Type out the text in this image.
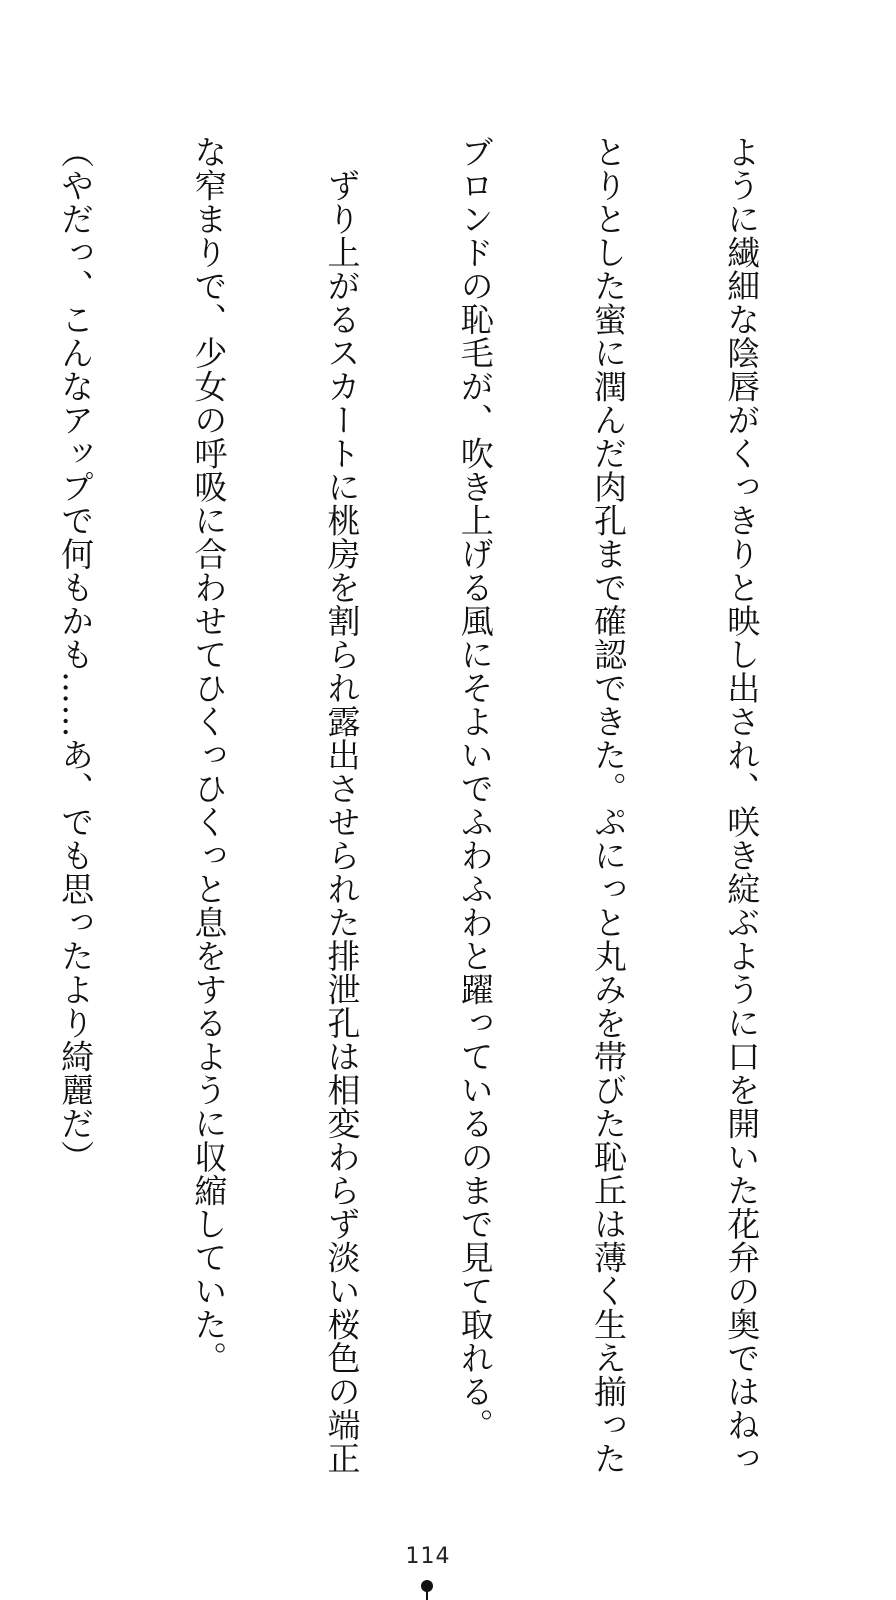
ように繊細な陰唇がくっきりと映し出され、咲き綻ぶように口を開いた花弁の奥ではねっ

とりとした蜜に潤んだ肉孔まで確認できた。ぷにっと丸みを帯びた恥丘は薄く生え揃った

ブロンドの恥毛が、吹き上げる風にそよいでふわふわと躍っているのまで見て取れる。

　ずり上がるスカートに桃房を割られ露出させられた排泄孔は相変わらず淡い桜色の端正

な窄まりで、少女の呼吸に合わせてひくっひくっと息をするように収縮していた。

（やだっ、こんなアップで何もかも……あ、でも思ったより綺麗だ）

114
